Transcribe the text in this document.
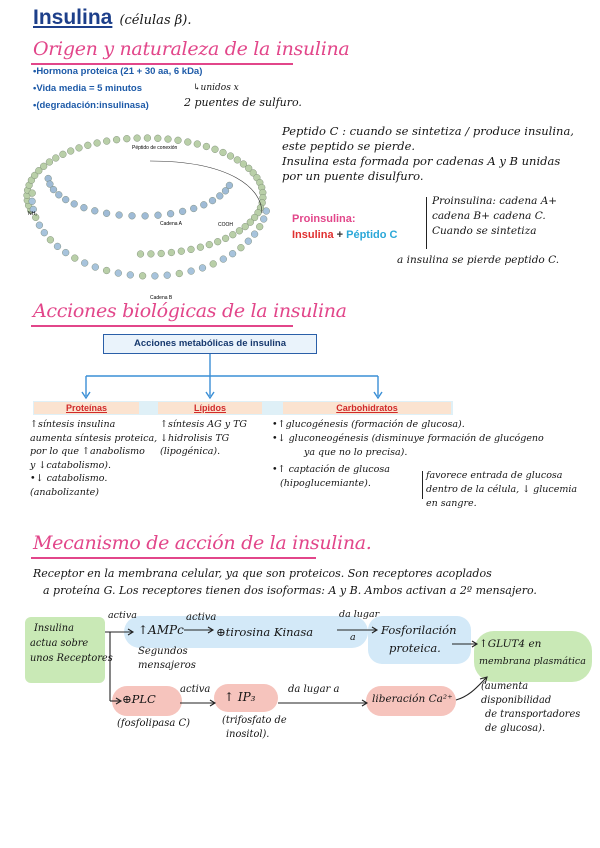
Insulina (células β).
Origen y naturaleza de la insulina
•Hormona proteica (21 + 30 aa, 6 kDa)
•Vida media = 5 minutos
•(degradación:insulinasa)
↳unidos x
2 puentes de sulfuro.
Péptido de conexión
Cadena A
Cadena B
NH₂
COOH
Peptido C : cuando se sintetiza / produce insulina,
este peptido se pierde.
Insulina esta formada por cadenas A y B unidas
por un puente disulfuro.
Proinsulina:
Insulina + Péptido C
Proinsulina: cadena A+
cadena B+ cadena C.
Cuando se sintetiza
a insulina se pierde peptido C.
Acciones biológicas de la insulina
Acciones metabólicas de insulina
Proteínas	Lípidos	Carbohidratos
↑síntesis insulina
aumenta síntesis proteica,
por lo que ↑anabolismo
y ↓catabolismo).
•↓ catabolismo.
(anabolizante)
↑síntesis AG y TG
↓hidrolisis TG
(lipogénica).
•↑glucogénesis (formación de glucosa).
•↓ gluconeogénesis (disminuye formación de glucógeno
ya que no lo precisa).
•↑ captación de glucosa
(hipoglucemiante).
favorece entrada de glucosa
dentro de la célula, ↓ glucemia
en sangre.
Mecanismo de acción de la insulina.
Receptor en la membrana celular, ya que son proteicos. Son receptores acoplados
a proteína G. Los receptores tienen dos isoformas: A y B. Ambos activan a 2º mensajero.
Insulina
actua sobre
unos Receptores
activa
↑AMPc
activa
⊕tirosina Kinasa
da lugar
a
Fosforilación
proteica.	↑GLUT4 en
membrana plasmática
(aumenta disponibilidad
de transportadores
de glucosa).
Segundos
mensajeros
⊕PLC
(fosfolipasa C)
activa
↑ IP₃
(trifosfato de
inositol).
da lugar a
liberación Ca²⁺
